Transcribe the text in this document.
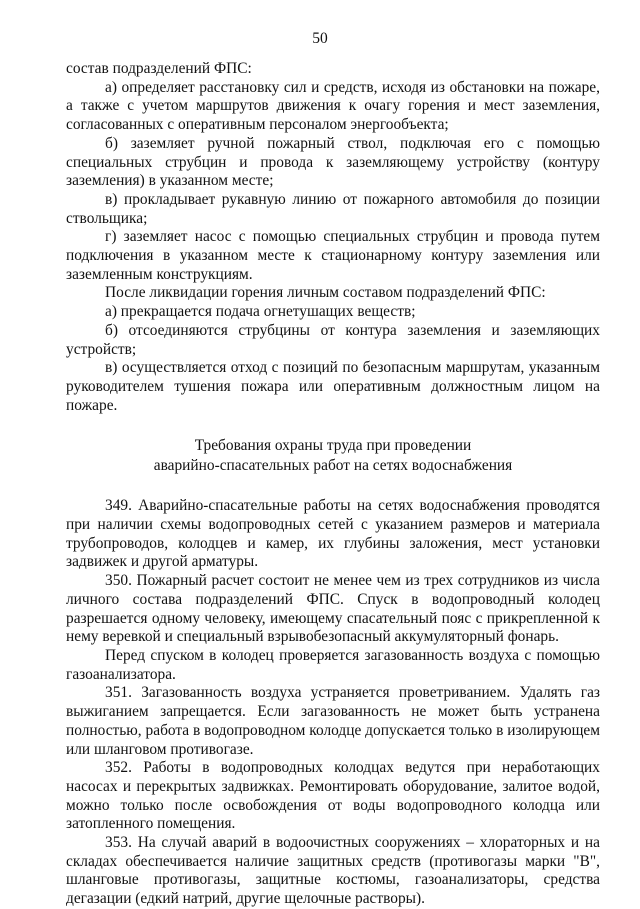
50

состав подразделений ФПС:

а) определяет расстановку сил и средств, исходя из обстановки на пожаре, а также с учетом маршрутов движения к очагу горения и мест заземления, согласованных с оперативным персоналом энергообъекта;

б) заземляет ручной пожарный ствол, подключая его с помощью специальных струбцин и провода к заземляющему устройству (контуру заземления) в указанном месте;

в) прокладывает рукавную линию от пожарного автомобиля до позиции ствольщика;

г) заземляет насос с помощью специальных струбцин и провода путем подключения в указанном месте к стационарному контуру заземления или заземленным конструкциям.

После ликвидации горения личным составом подразделений ФПС:

а) прекращается подача огнетушащих веществ;

б) отсоединяются струбцины от контура заземления и заземляющих устройств;

в) осуществляется отход с позиций по безопасным маршрутам, указанным руководителем тушения пожара или оперативным должностным лицом на пожаре.

Требования охраны труда при проведении
аварийно-спасательных работ на сетях водоснабжения

349. Аварийно-спасательные работы на сетях водоснабжения проводятся при наличии схемы водопроводных сетей с указанием размеров и материала трубопроводов, колодцев и камер, их глубины заложения, мест установки задвижек и другой арматуры.

350. Пожарный расчет состоит не менее чем из трех сотрудников из числа личного состава подразделений ФПС. Спуск в водопроводный колодец разрешается одному человеку, имеющему спасательный пояс с прикрепленной к нему веревкой и специальный взрывобезопасный аккумуляторный фонарь.

Перед спуском в колодец проверяется загазованность воздуха с помощью газоанализатора.

351. Загазованность воздуха устраняется проветриванием. Удалять газ выжиганием запрещается. Если загазованность не может быть устранена полностью, работа в водопроводном колодце допускается только в изолирующем или шланговом противогазе.

352. Работы в водопроводных колодцах ведутся при неработающих насосах и перекрытых задвижках. Ремонтировать оборудование, залитое водой, можно только после освобождения от воды водопроводного колодца или затопленного помещения.

353. На случай аварий в водоочистных сооружениях – хлораторных и на складах обеспечивается наличие защитных средств (противогазы марки "В", шланговые противогазы, защитные костюмы, газоанализаторы, средства дегазации (едкий натрий, другие щелочные растворы).
